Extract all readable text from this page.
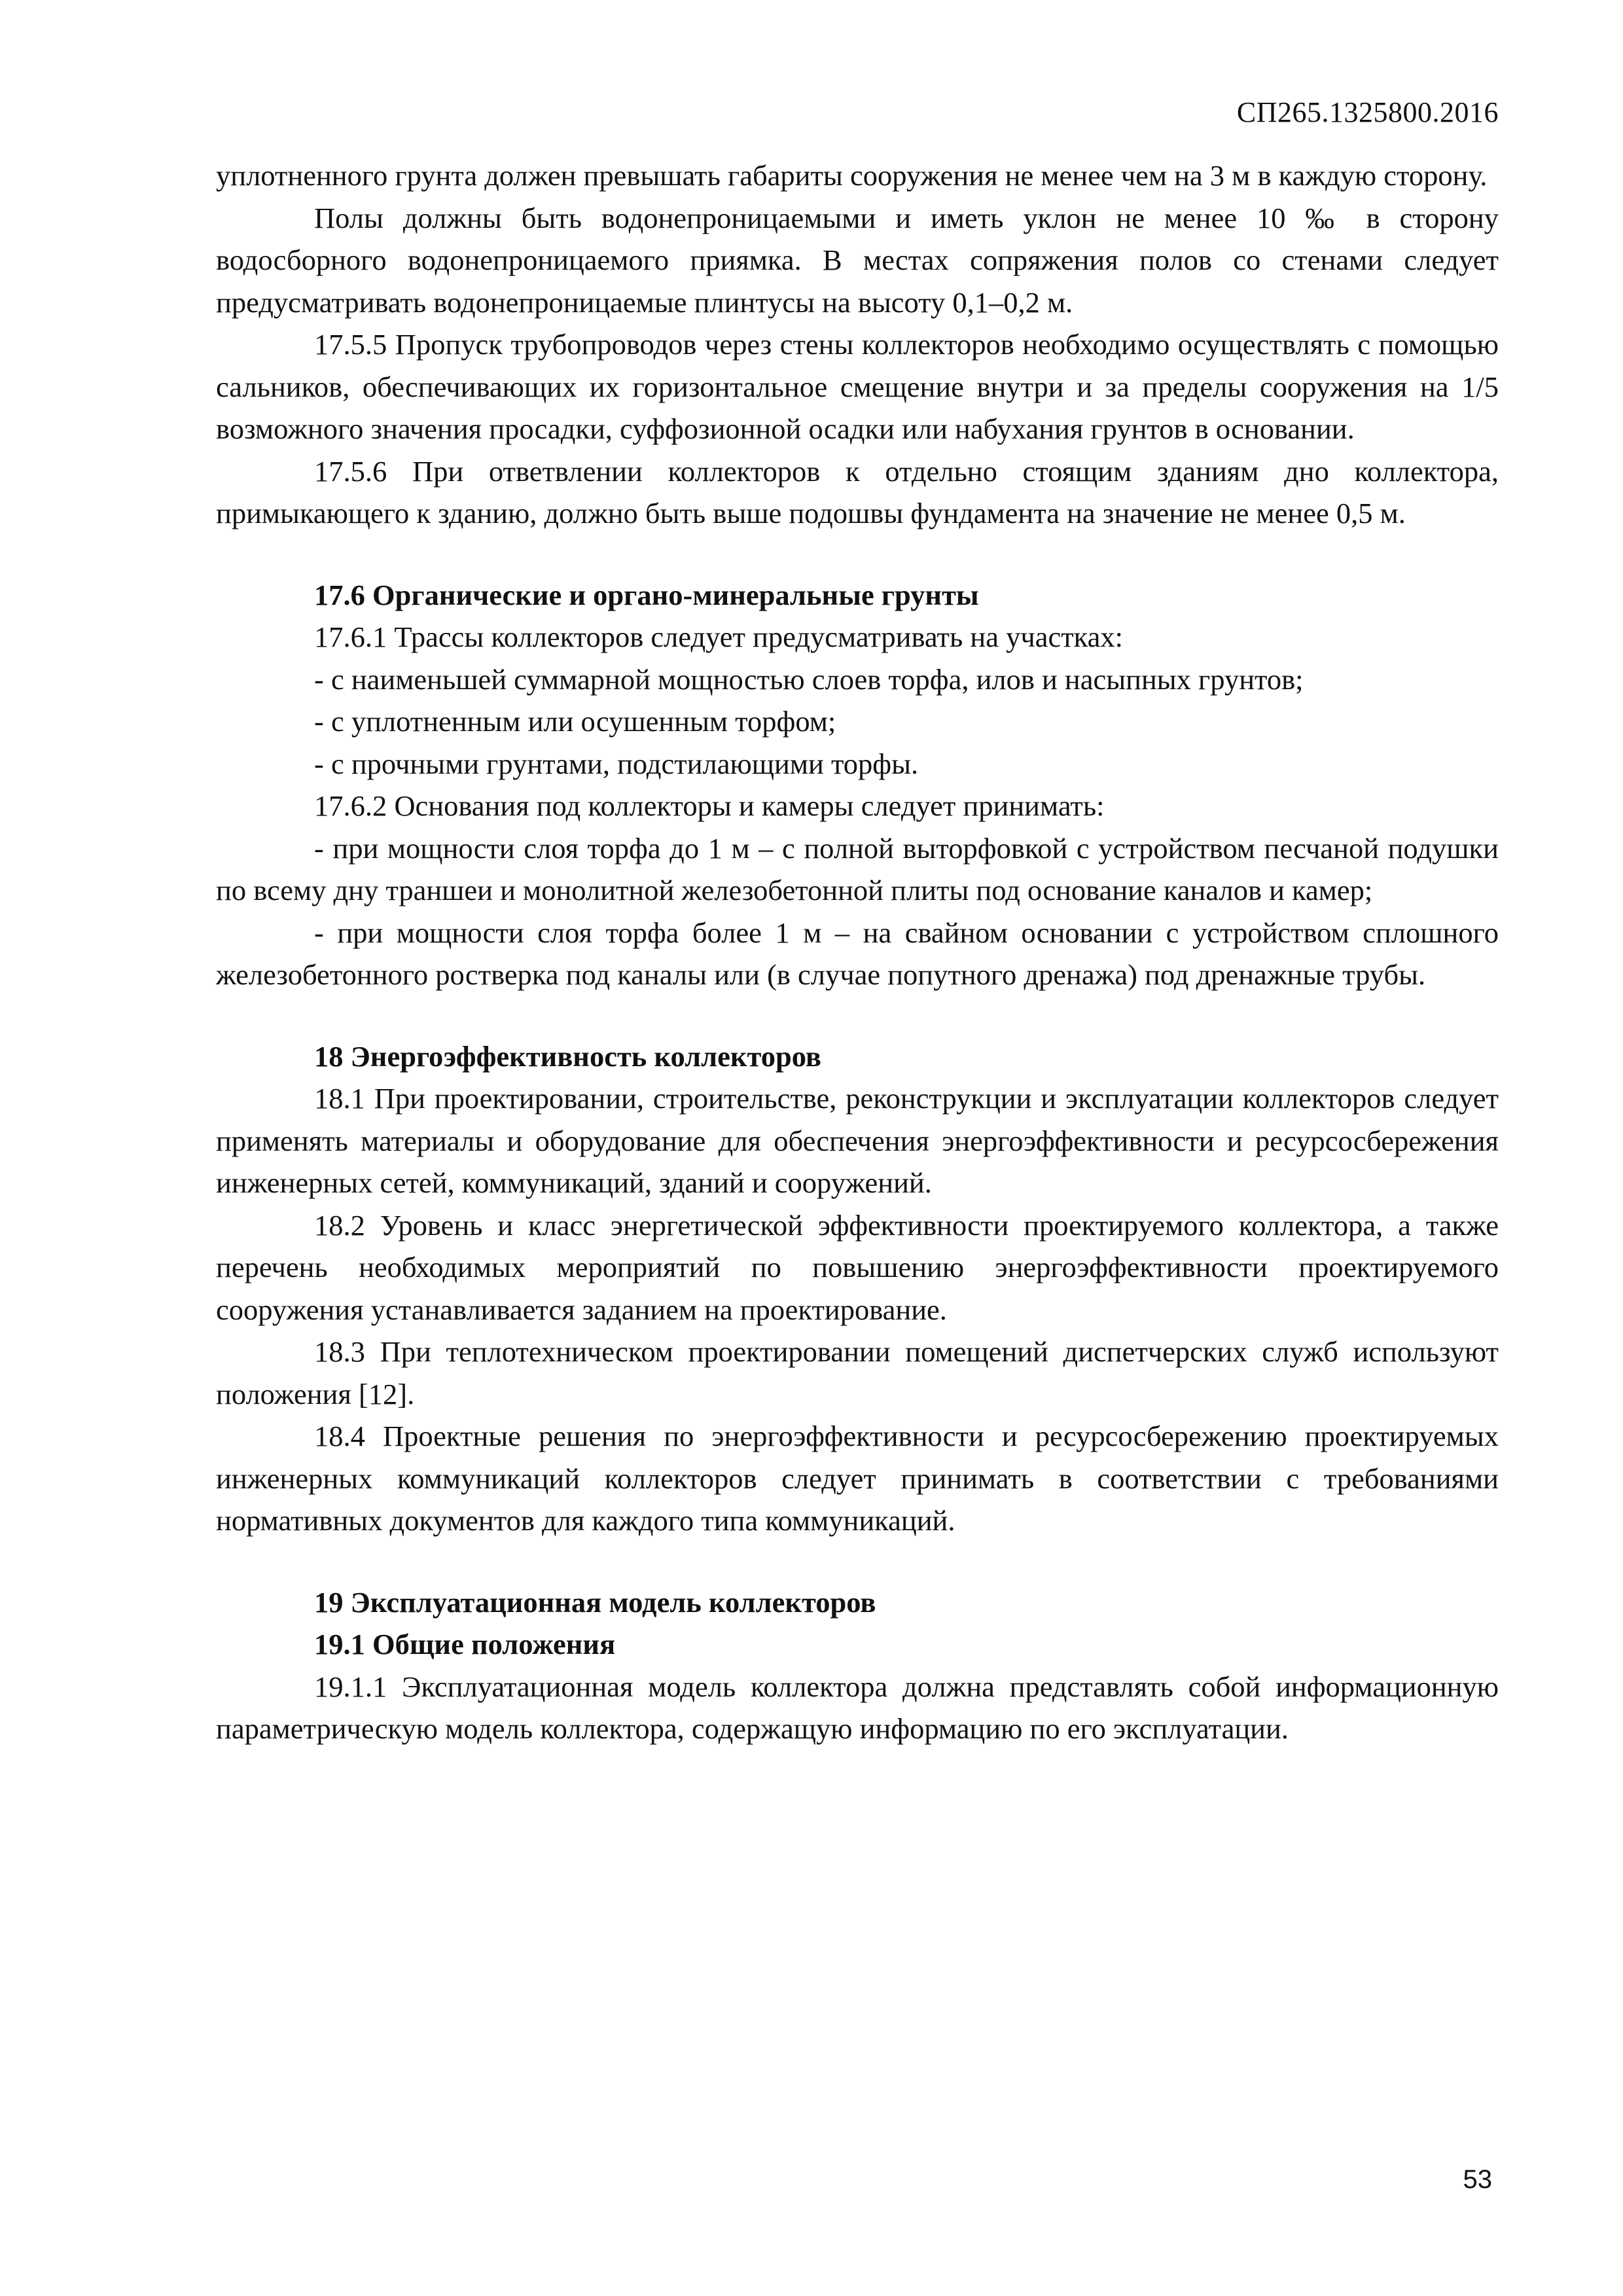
СП265.1325800.2016

уплотненного грунта должен превышать габариты сооружения не менее чем на 3 м в каждую сторону.

Полы должны быть водонепроницаемыми и иметь уклон не менее 10 ‰ в сторону водосборного водонепроницаемого приямка. В местах сопряжения полов со стенами следует предусматривать водонепроницаемые плинтусы на высоту 0,1–0,2 м.

17.5.5 Пропуск трубопроводов через стены коллекторов необходимо осуществлять с помощью сальников, обеспечивающих их горизонтальное смещение внутри и за пределы сооружения на 1/5 возможного значения просадки, суффозионной осадки или набухания грунтов в основании.

17.5.6 При ответвлении коллекторов к отдельно стоящим зданиям дно коллектора, примыкающего к зданию, должно быть выше подошвы фундамента на значение не менее 0,5 м.

17.6 Органические и органо-минеральные грунты

17.6.1 Трассы коллекторов следует предусматривать на участках:

- с наименьшей суммарной мощностью слоев торфа, илов и насыпных грунтов;

- с уплотненным или осушенным торфом;

- с прочными грунтами, подстилающими торфы.

17.6.2 Основания под коллекторы и камеры следует принимать:

- при мощности слоя торфа до 1 м – с полной выторфовкой с устройством песчаной подушки по всему дну траншеи и монолитной железобетонной плиты под основание каналов и камер;

- при мощности слоя торфа более 1 м – на свайном основании с устройством сплошного железобетонного ростверка под каналы или (в случае попутного дренажа) под дренажные трубы.

18 Энергоэффективность коллекторов

18.1 При проектировании, строительстве, реконструкции и эксплуатации коллекторов следует применять материалы и оборудование для обеспечения энергоэффективности и ресурсосбережения инженерных сетей, коммуникаций, зданий и сооружений.

18.2 Уровень и класс энергетической эффективности проектируемого коллектора, а также перечень необходимых мероприятий по повышению энергоэффективности проектируемого сооружения устанавливается заданием на проектирование.

18.3 При теплотехническом проектировании помещений диспетчерских служб используют положения [12].

18.4 Проектные решения по энергоэффективности и ресурсосбережению проектируемых инженерных коммуникаций коллекторов следует принимать в соответствии с требованиями нормативных документов для каждого типа коммуникаций.

19 Эксплуатационная модель коллекторов

19.1 Общие положения

19.1.1 Эксплуатационная модель коллектора должна представлять собой информационную параметрическую модель коллектора, содержащую информацию по его эксплуатации.

53
